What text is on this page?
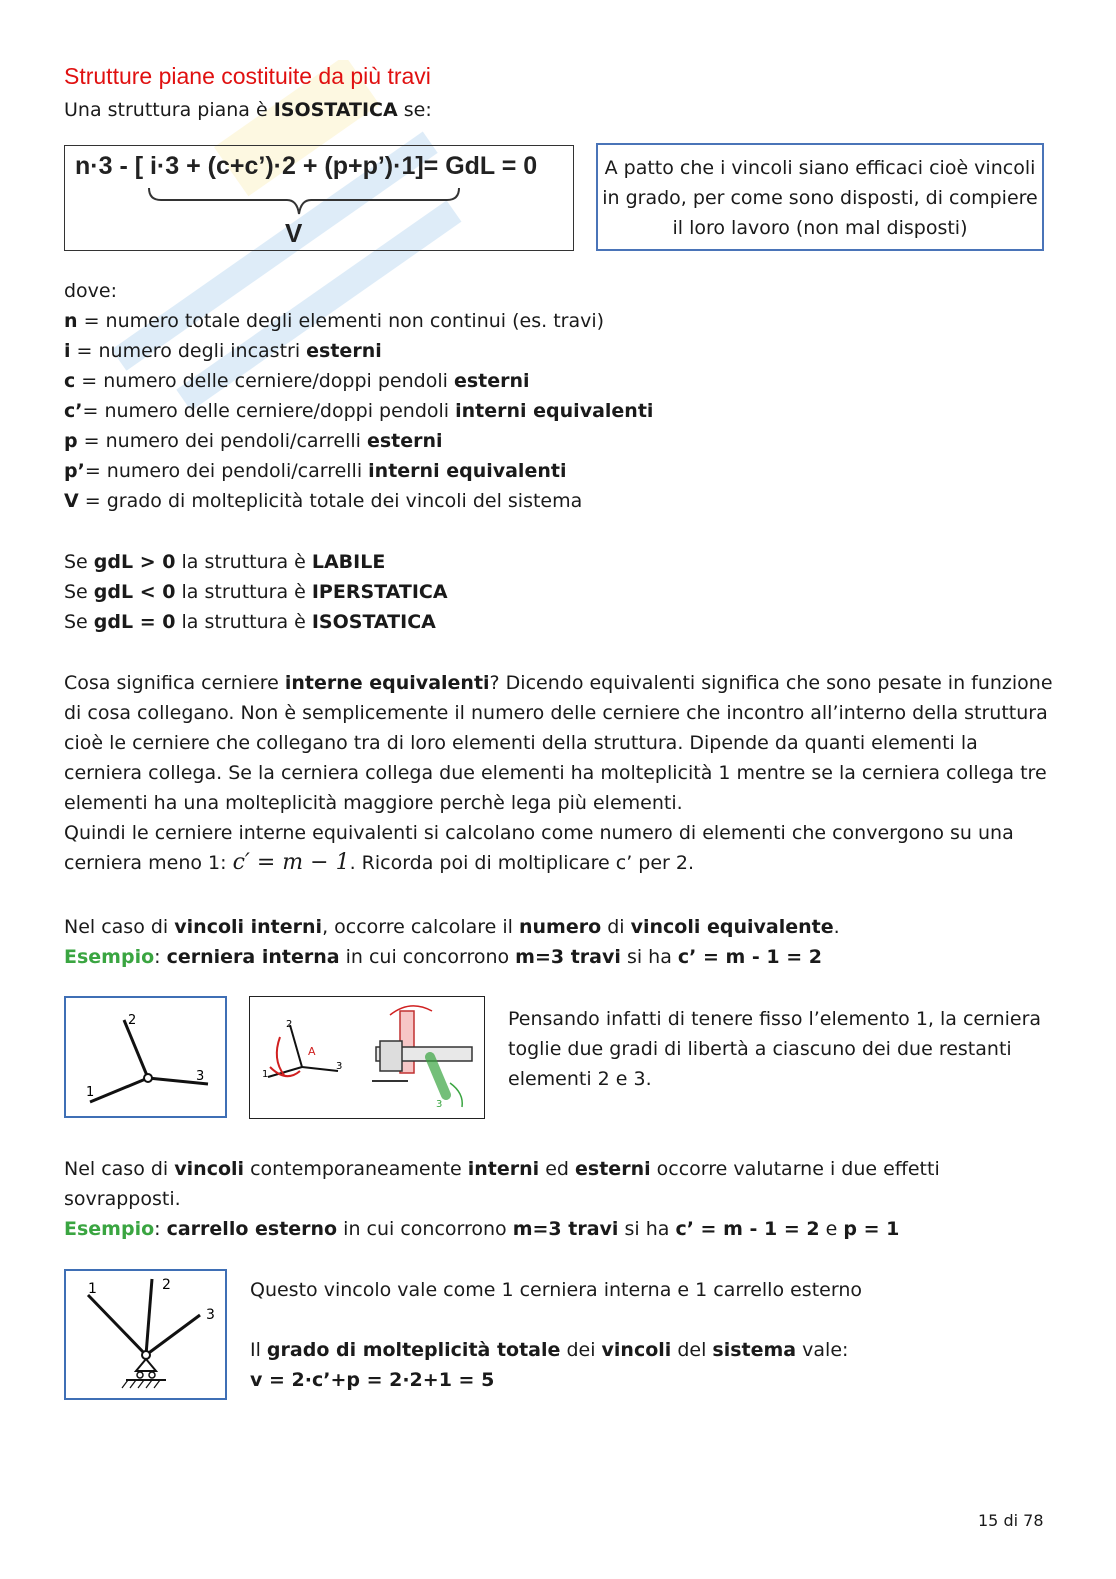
Strutture piane costituite da più travi
Una struttura piana è ISOSTATICA se:
n·3 - [ i·3 + (c+c’)·2 + (p+p’)·1]= GdL = 0
V
A patto che i vincoli siano efficaci cioè vincoli in grado, per come sono disposti, di compiere il loro lavoro (non mal disposti)
dove:
n = numero totale degli elementi non continui (es. travi)
i = numero degli incastri esterni
c = numero delle cerniere/doppi pendoli esterni
c’= numero delle cerniere/doppi pendoli interni equivalenti
p = numero dei pendoli/carrelli esterni
p’= numero dei pendoli/carrelli interni equivalenti
V = grado di molteplicità totale dei vincoli del sistema
Se gdL > 0 la struttura è LABILE
Se gdL < 0 la struttura è IPERSTATICA
Se gdL = 0 la struttura è ISOSTATICA
Cosa significa cerniere interne equivalenti? Dicendo equivalenti significa che sono pesate in funzione di cosa collegano. Non è semplicemente il numero delle cerniere che incontro all’interno della struttura cioè le cerniere che collegano tra di loro elementi della struttura. Dipende da quanti elementi la cerniera collega. Se la cerniera collega due elementi ha molteplicità 1 mentre se la cerniera collega tre elementi ha una molteplicità maggiore perchè lega più elementi.
Quindi le cerniere interne equivalenti si calcolano come numero di elementi che convergono su una cerniera meno 1: c′ = m − 1. Ricorda poi di moltiplicare c’ per 2.
Nel caso di vincoli interni, occorre calcolare il numero di vincoli equivalente.
Esempio: cerniera interna in cui concorrono m=3 travi si ha c’ = m - 1 = 2
2
1
3
2
1
3
A
3
Pensando infatti di tenere fisso l’elemento 1, la cerniera toglie due gradi di libertà a ciascuno dei due restanti elementi 2 e 3.
Nel caso di vincoli contemporaneamente interni ed esterni occorre valutarne i due effetti sovrapposti.
Esempio: carrello esterno in cui concorrono m=3 travi si ha c’ = m - 1 = 2 e p = 1
1	2
3
Questo vincolo vale come 1 cerniera interna e 1 carrello esterno
Il grado di molteplicità totale dei vincoli del sistema vale:
v = 2·c’+p = 2·2+1 = 5
15 di 78
